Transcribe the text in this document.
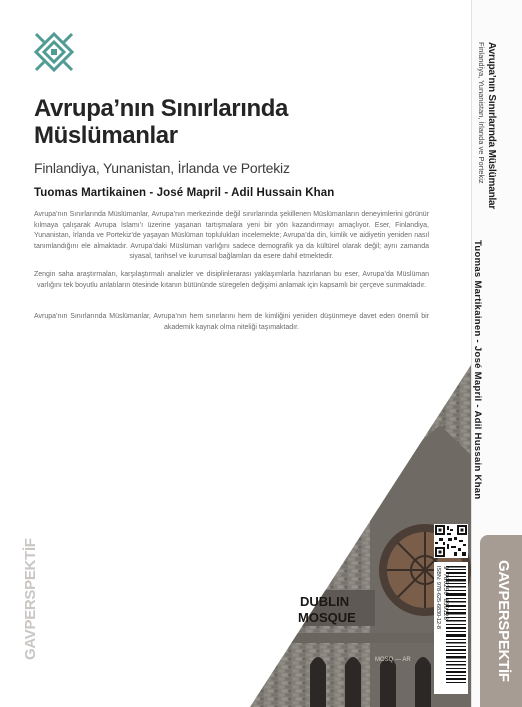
Avrupa’nın Sınırlarında Müslümanlar
Finlandiya, Yunanistan, İrlanda ve Portekiz
Tuomas Martikainen - José Mapril - Adil Hussain Khan
Avrupa’nın Sınırlarında Müslümanlar, Avrupa’nın merkezinde değil sınırlarında şekillenen Müslümanların deneyimlerini görünür kılmaya çalışarak Avrupa İslamı’ı üzerine yaşanan tartışmalara yeni bir yön kazandırmayı amaçlıyor. Eser, Finlandiya, Yunanistan, İrlanda ve Portekiz’de yaşayan Müslüman toplulukları incelemekte; Avrupa’da din, kimlik ve aidiyetin yeniden nasıl tanımlandığını ele almaktadır. Avrupa’daki Müslüman varlığını sadece demografik ya da kültürel olarak değil; aynı zamanda siyasal, tarihsel ve kurumsal bağlamları da esere dahil etmektedir.
Zengin saha araştırmaları, karşılaştırmalı analizler ve disiplinlerarası yaklaşımlarla hazırlanan bu eser, Avrupa’da Müslüman varlığını tek boyutlu anlatıların ötesinde kıtanın bütününde süregelen değişimi anlamak için kapsamlı bir çerçeve sunmaktadır.
Avrupa’nın Sınırlarında Müslümanlar, Avrupa’nın hem sınırlarını hem de kimliğini yeniden düşünmeye davet eden önemli bir akademik kaynak olma niteliği taşımaktadır.
DUBLIN
MOSQUE
MOSQ — AR
GAVPERSPEKTİF	ISBN: 978-625-6830-12-8 9 786256 830128
Avrupa’nın Sınırlarında Müslümanlar
Finlandiya, Yunanistan, İrlanda ve Portekiz
Tuomas Martikainen - José Mapril - Adil Hussain Khan
GAVPERSPEKTİF
